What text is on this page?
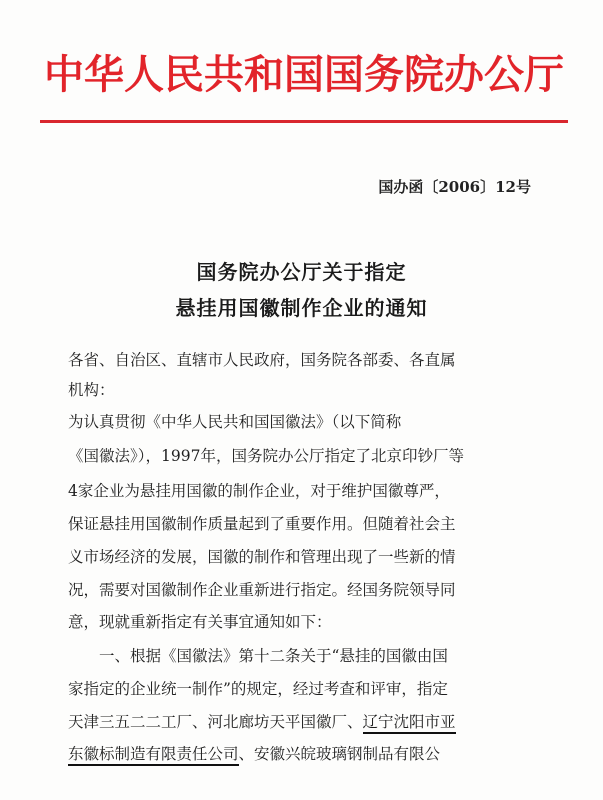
中华人民共和国国务院办公厅
国办函〔2006〕12号
国务院办公厅关于指定
悬挂用国徽制作企业的通知
各省、自治区、直辖市人民政府，国务院各部委、各直属
机构：
为认真贯彻《中华人民共和国国徽法》（以下简称
《国徽法》），1997年，国务院办公厅指定了北京印钞厂等
4家企业为悬挂用国徽的制作企业，对于维护国徽尊严，
保证悬挂用国徽制作质量起到了重要作用。但随着社会主
义市场经济的发展，国徽的制作和管理出现了一些新的情
况，需要对国徽制作企业重新进行指定。经国务院领导同
意，现就重新指定有关事宜通知如下：
　　一、根据《国徽法》第十二条关于“悬挂的国徽由国
家指定的企业统一制作”的规定，经过考查和评审，指定
天津三五二二工厂、河北廊坊天平国徽厂、辽宁沈阳市亚
东徽标制造有限责任公司、安徽兴皖玻璃钢制品有限公
